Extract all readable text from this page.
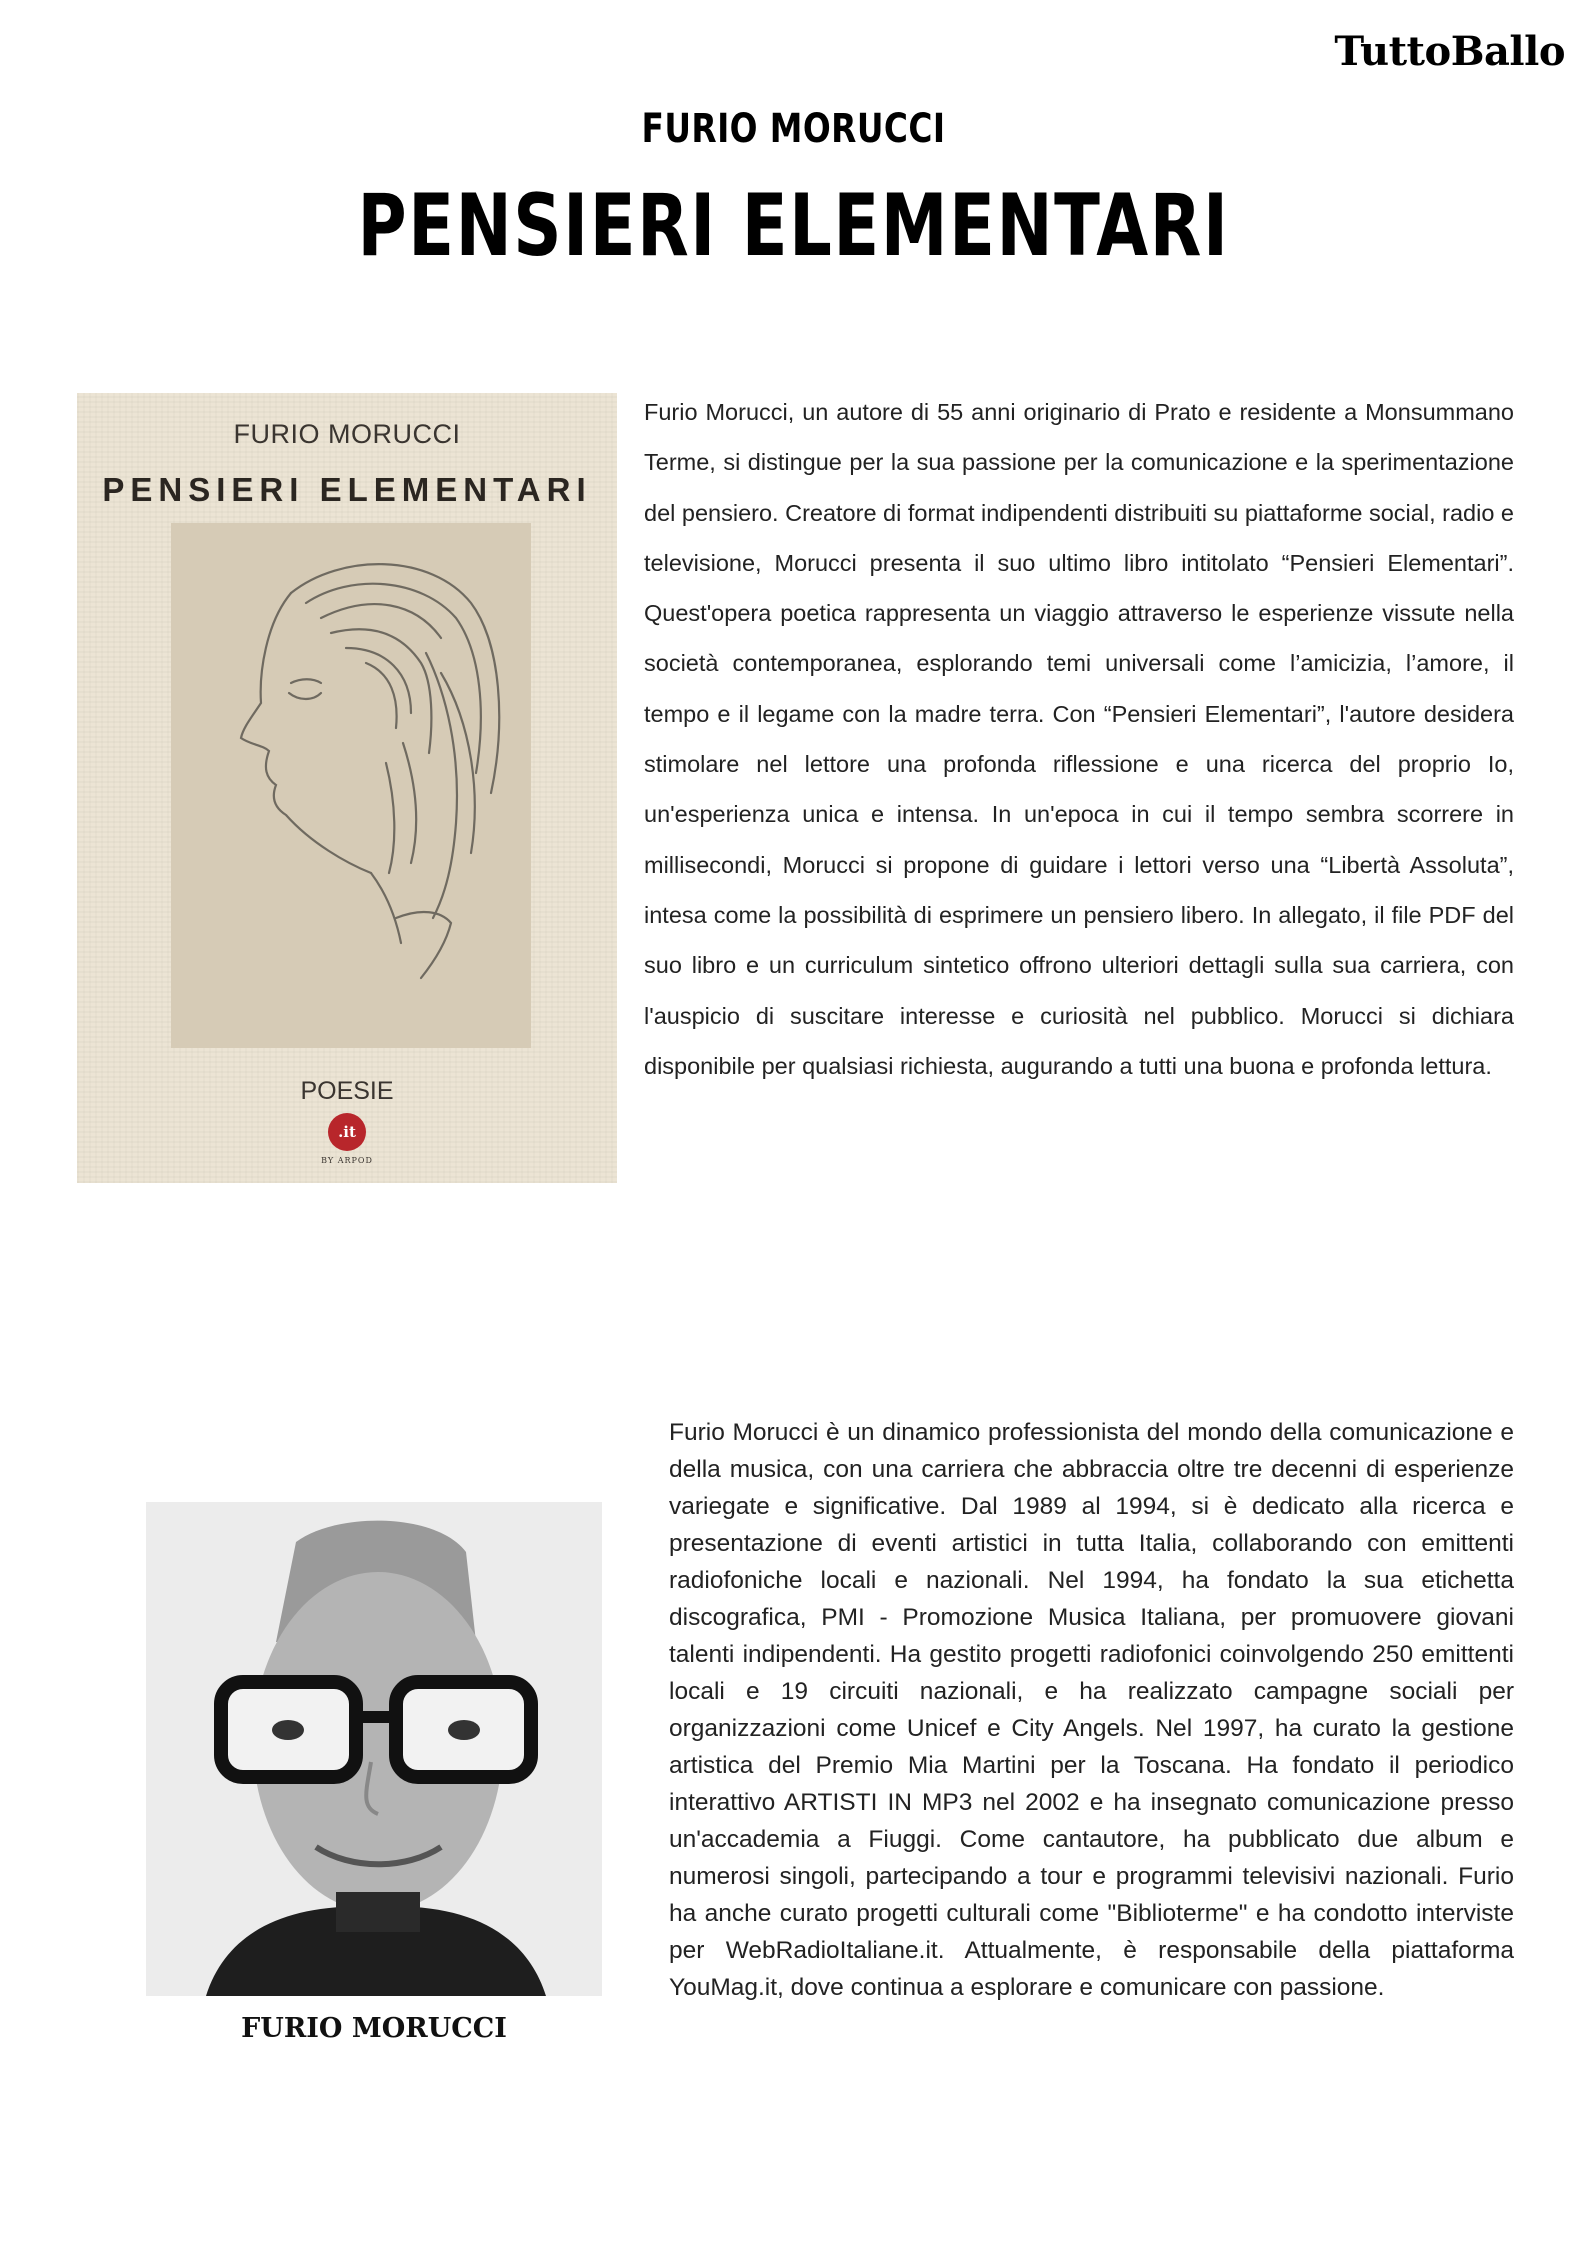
TuttoBallo
FURIO MORUCCI
PENSIERI ELEMENTARI
FURIO MORUCCI
PENSIERI ELEMENTARI
POESIE
.it
BY ARPOD

Furio Morucci, un autore di 55 anni originario di Prato e residente a Monsummano Terme, si distingue per la sua passione per la comunicazione e la sperimentazione del pensiero. Creatore di format indipendenti distribuiti su piattaforme social, radio e televisione, Morucci presenta il suo ultimo libro intitolato “Pensieri Elementari”. Quest'opera poetica rappresenta un viaggio attraverso le esperienze vissute nella società contemporanea, esplorando temi universali come l’amicizia, l’amore, il tempo e il legame con la madre terra. Con “Pensieri Elementari”, l'autore desidera stimolare nel lettore una profonda riflessione e una ricerca del proprio Io, un'esperienza unica e intensa. In un'epoca in cui il tempo sembra scorrere in millisecondi, Morucci si propone di guidare i lettori verso una “Libertà Assoluta”, intesa come la possibilità di esprimere un pensiero libero. In allegato, il file PDF del suo libro e un curriculum sintetico offrono ulteriori dettagli sulla sua carriera, con l'auspicio di suscitare interesse e curiosità nel pubblico. Morucci si dichiara disponibile per qualsiasi richiesta, augurando a tutti una buona e profonda lettura.

FURIO MORUCCI

Furio Morucci è un dinamico professionista del mondo della comunicazione e della musica, con una carriera che abbraccia oltre tre decenni di esperienze variegate e significative. Dal 1989 al 1994, si è dedicato alla ricerca e presentazione di eventi artistici in tutta Italia, collaborando con emittenti radiofoniche locali e nazionali. Nel 1994, ha fondato la sua etichetta discografica, PMI - Promozione Musica Italiana, per promuovere giovani talenti indipendenti. Ha gestito progetti radiofonici coinvolgendo 250 emittenti locali e 19 circuiti nazionali, e ha realizzato campagne sociali per organizzazioni come Unicef e City Angels. Nel 1997, ha curato la gestione artistica del Premio Mia Martini per la Toscana. Ha fondato il periodico interattivo ARTISTI IN MP3 nel 2002 e ha insegnato comunicazione presso un'accademia a Fiuggi. Come cantautore, ha pubblicato due album e numerosi singoli, partecipando a tour e programmi televisivi nazionali. Furio ha anche curato progetti culturali come "Biblioterme" e ha condotto interviste per WebRadioItaliane.it. Attualmente, è responsabile della piattaforma YouMag.it, dove continua a esplorare e comunicare con passione.
